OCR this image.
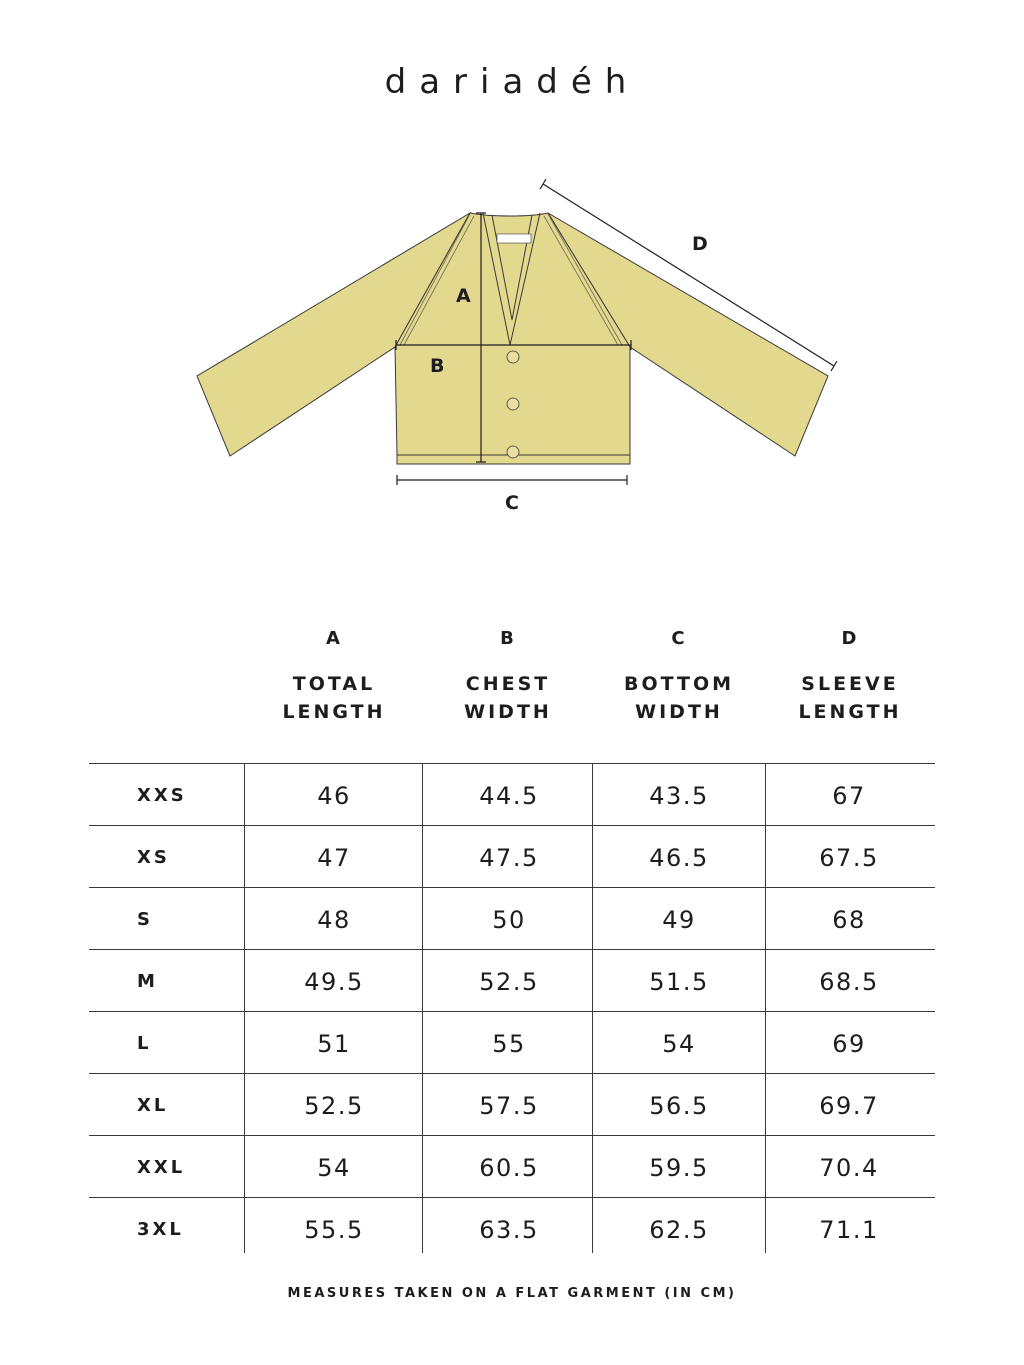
dariadéh
A
B
C
D
A
TOTAL
LENGTH
B
CHEST
WIDTH
C
BOTTOM
WIDTH
D
SLEEVE
LENGTH
XXS	46	44.5	43.5	67
XS	47	47.5	46.5	67.5
S	48	50	49	68
M	49.5	52.5	51.5	68.5
L	51	55	54	69
XL	52.5	57.5	56.5	69.7
XXL	54	60.5	59.5	70.4
3XL	55.5	63.5	62.5	71.1
MEASURES TAKEN ON A FLAT GARMENT (IN CM)
